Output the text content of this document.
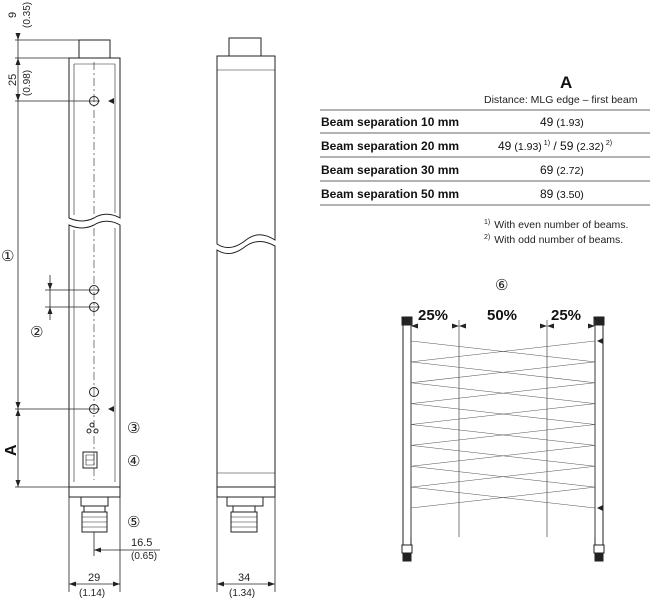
9 (0.35)
25 (0.98)
A
16.5
(0.65)
29
(1.14)
34
(1.34)
①
②
③
④
⑤
⑥
A
Distance: MLG edge – first beam
Beam separation 10 mm	49 (1.93)
Beam separation 20 mm	49 (1.93) $^{1)}$ $_{/ 59}$ (2.32) $^{2)}$
Beam separation 30 mm	69 (2.72)
Beam separation 50 mm	89 (3.50)
$^{1)}$ With even number of beams.
$^{2)}$ With odd number of beams.
25%	50% 25%
